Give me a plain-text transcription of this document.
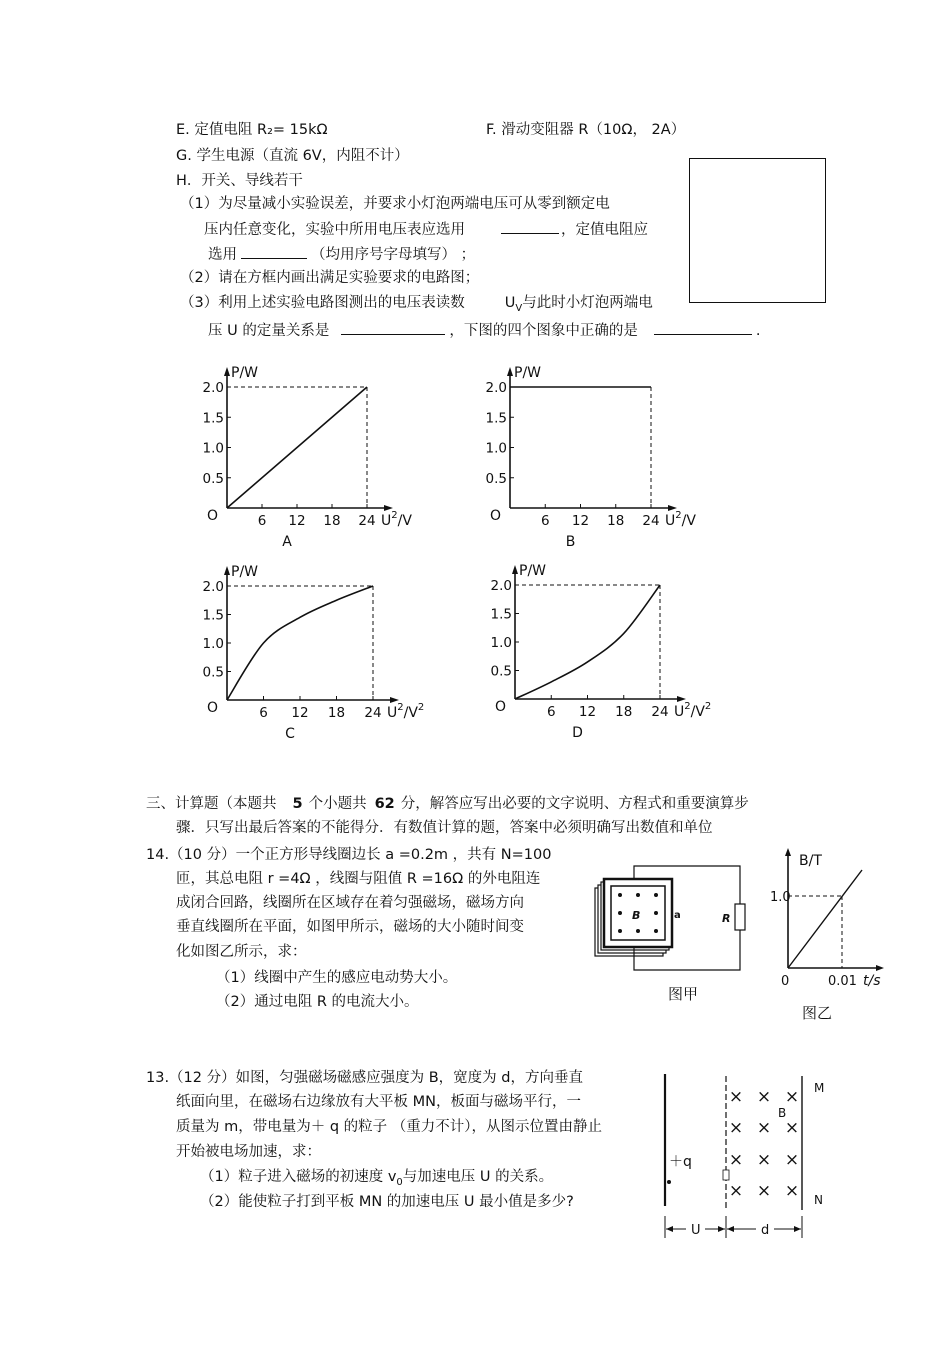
E. 定值电阻 R₂= 15kΩ	F. 滑动变阻器 R（10Ω， 2A）
G. 学生电源（直流 6V，内阻不计）
H．开关、导线若干
（1）为尽量减小实验误差，并要求小灯泡两端电压可从零到额定电
压内任意变化，实验中所用电压表应选用	，定值电阻应
选用	（均用序号字母填写） ；
（2）请在方框内画出满足实验要求的电路图；
（3）利用上述实验电路图测出的电压表读数	$U_V$与此时小灯泡两端电
压 U 的定量关系是	，下图的四个图象中正确的是	.
2.0
1.5
1.0
0.5
6 12 18 24
P/W
O	$U^2/V$
A
2.0
1.5
1.0
0.5
6 12 18 24
P/W
O	$U^2/V$
B
2.0
1.5
1.0
0.5
6 12 18 24
P/W
O	$U^2/V^2$
C
2.0
1.5
1.0
0.5
6 12 18 24
P/W
O	$U^2/V^2$
D
三、计算题（本题共 5 个小题共 62 分，解答应写出必要的文字说明、方程式和重要演算步
骤．只写出最后答案的不能得分．有数值计算的题，答案中必须明确写出数值和单位
14.（10 分）一个正方形导线圈边长 a =0.2m ，共有 N=100
匝，其总电阻 r =4Ω ，线圈与阻值 R =16Ω 的外电阻连
成闭合回路，线圈所在区域存在着匀强磁场，磁场方向
垂直线圈所在平面，如图甲所示，磁场的大小随时间变
化如图乙所示，求：
（1）线圈中产生的感应电动势大小。
（2）通过电阻 R 的电流大小。
B	a	R
图甲
B/T
1.0
0	0.01 t/s
图乙
13.（12 分）如图，匀强磁场磁感应强度为 B，宽度为 d，方向垂直
纸面向里，在磁场右边缘放有大平板 MN，板面与磁场平行，一
质量为 m，带电量为＋ q 的粒子 （重力不计），从图示位置由静止
开始被电场加速，求：
（1）粒子进入磁场的初速度 $v_0$与加速电压 U 的关系。
（2）能使粒子打到平板 MN 的加速电压 U 最小值是多少?
＋q
× × ×
× × ×
× × ×
× × ×
B
M
N
U	d
